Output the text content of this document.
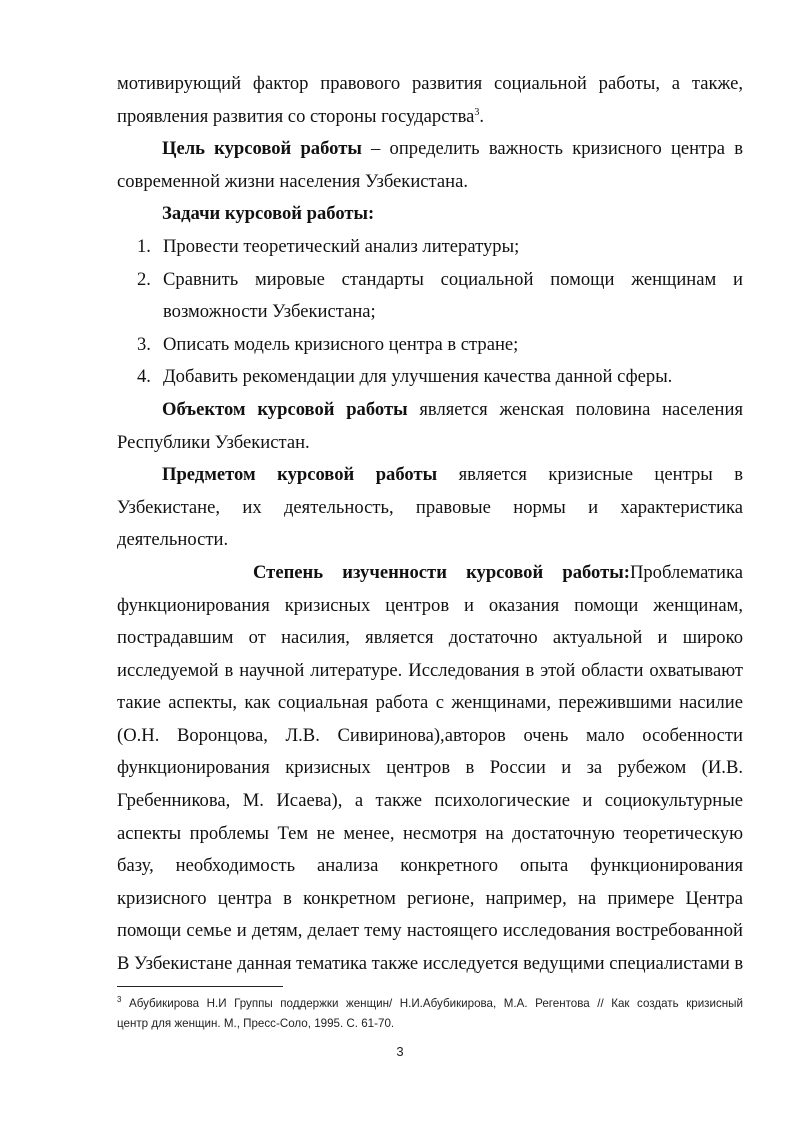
мотивирующий фактор правового развития социальной работы, а также,
проявления развития со стороны государства$^3$.
Цель курсовой работы – определить важность кризисного центра в
современной жизни населения Узбекистана.
Задачи курсовой работы:
1. Провести теоретический анализ литературы;
2. Сравнить мировые стандарты социальной помощи женщинам и
возможности Узбекистана;
3. Описать модель кризисного центра в стране;
4. Добавить рекомендации для улучшения качества данной сферы.
Объектом курсовой работы является женская половина населения
Республики Узбекистан.
Предметом курсовой работы является кризисные центры в
Узбекистане, их деятельность, правовые нормы и характеристика
деятельности.
Степень изученности курсовой работы:Проблематика
функционирования кризисных центров и оказания помощи женщинам,
пострадавшим от насилия, является достаточно актуальной и широко
исследуемой в научной литературе. Исследования в этой области охватывают
такие аспекты, как социальная работа с женщинами, пережившими насилие
(О.Н. Воронцова, Л.В. Сивиринова),авторов очень мало особенности
функционирования кризисных центров в России и за рубежом (И.В.
Гребенникова, М. Исаева), а также психологические и социокультурные
аспекты проблемы Тем не менее, несмотря на достаточную теоретическую
базу, необходимость анализа конкретного опыта функционирования
кризисного центра в конкретном регионе, например, на примере Центра
помощи семье и детям, делает тему настоящего исследования востребованной
В Узбекистане данная тематика также исследуется ведущими специалистами в
$^3$ Абубикирова Н.И Группы поддержки женщин/ Н.И.Абубикирова, М.А. Регентова // Как создать кризисный
центр для женщин. М., Пресс-Соло, 1995. С. 61-70.
3
